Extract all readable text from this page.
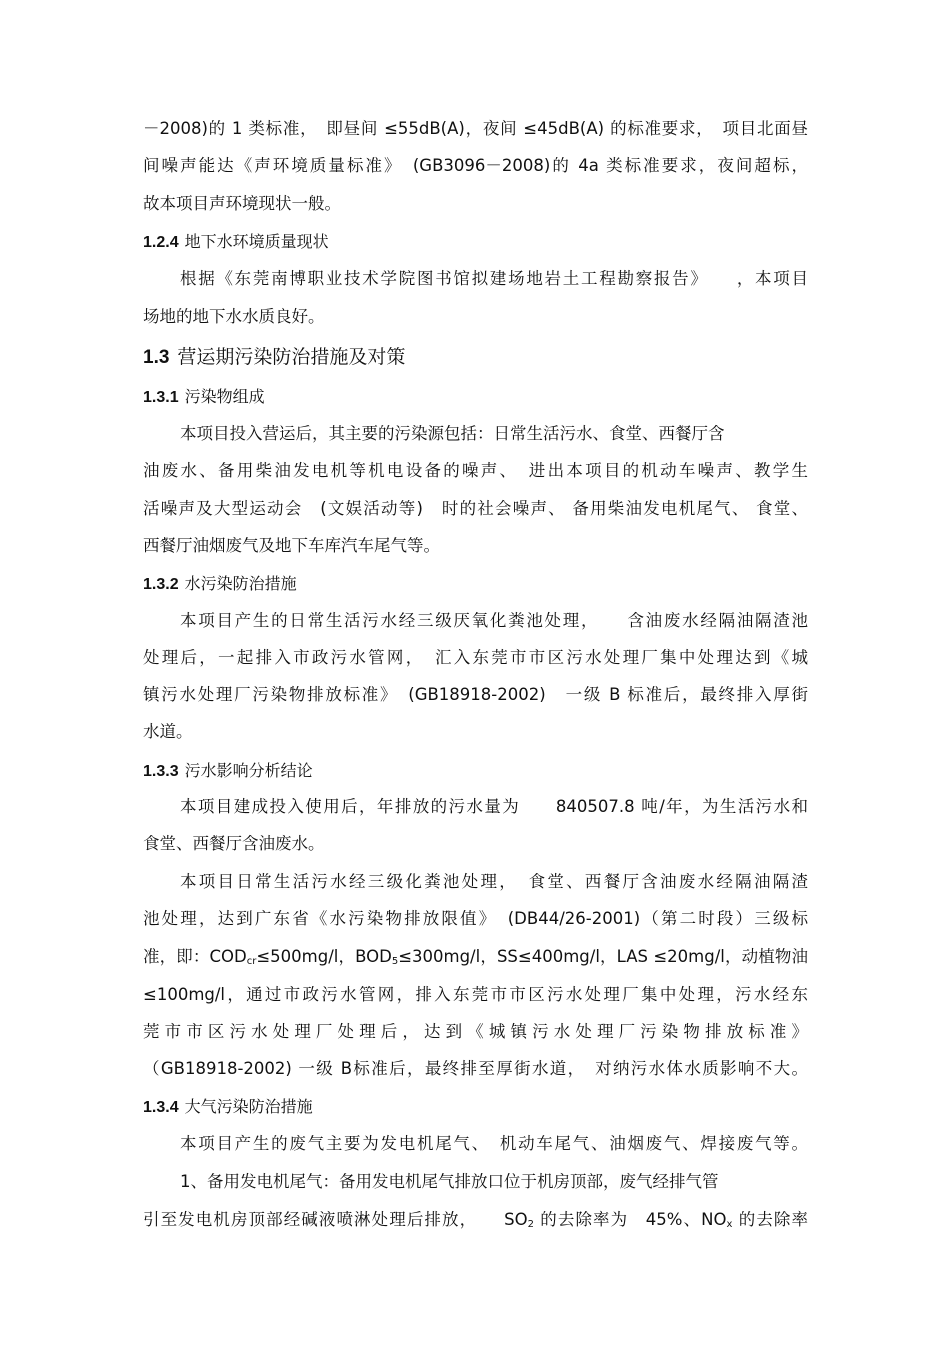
－2008)的 1 类标准，　即昼间 ≤55dB(A)，夜间 ≤45dB(A) 的标准要求，　项目北面昼
间噪声能达《声环境质量标准》　(GB3096－2008)的 4a 类标准要求，夜间超标，
故本项目声环境现状一般。
1.2.4 地下水环境质量现状
根据《东莞南博职业技术学院图书馆拟建场地岩土工程勘察报告》　　，本项目
场地的地下水水质良好。
1.3 营运期污染防治措施及对策
1.3.1 污染物组成
本项目投入营运后，其主要的污染源包括：日常生活污水、食堂、西餐厅含
油废水、备用柴油发电机等机电设备的噪声、　进出本项目的机动车噪声、教学生
活噪声及大型运动会　(文娱活动等)　时的社会噪声、 备用柴油发电机尾气、 食堂、
西餐厅油烟废气及地下车库汽车尾气等。
1.3.2 水污染防治措施
本项目产生的日常生活污水经三级厌氧化粪池处理，　　含油废水经隔油隔渣池
处理后，一起排入市政污水管网，　汇入东莞市市区污水处理厂集中处理达到《城
镇污水处理厂污染物排放标准》　(GB18918-2002)　一级 B 标准后，最终排入厚街
水道。
1.3.3 污水影响分析结论
本项目建成投入使用后，年排放的污水量为　　840507.8 吨/年，为生活污水和
食堂、西餐厅含油废水。
本项目日常生活污水经三级化粪池处理，　食堂、西餐厅含油废水经隔油隔渣
池处理，达到广东省《水污染物排放限值》　(DB44/26-2001)（第二时段）三级标
准，即：$COD_{cr}\le 500mg/l$，$BOD_5\le 300mg/l$，SS≤400mg/l，LAS ≤20mg/l，动植物油
≤100mg/l，通过市政污水管网，排入东莞市市区污水处理厂集中处理，污水经东
莞市市区污水处理厂处理后，达到《城镇污水处理厂污染物排放标准》
（GB18918-2002) 一级 B标准后，最终排至厚街水道，　对纳污水体水质影响不大。
1.3.4 大气污染防治措施
本项目产生的废气主要为发电机尾气、　机动车尾气、油烟废气、焊接废气等。
1、备用发电机尾气：备用发电机尾气排放口位于机房顶部，废气经排气管
引至发电机房顶部经碱液喷淋处理后排放，　　$SO_2$ 的去除率为　45%、$NO_x$ 的去除率
